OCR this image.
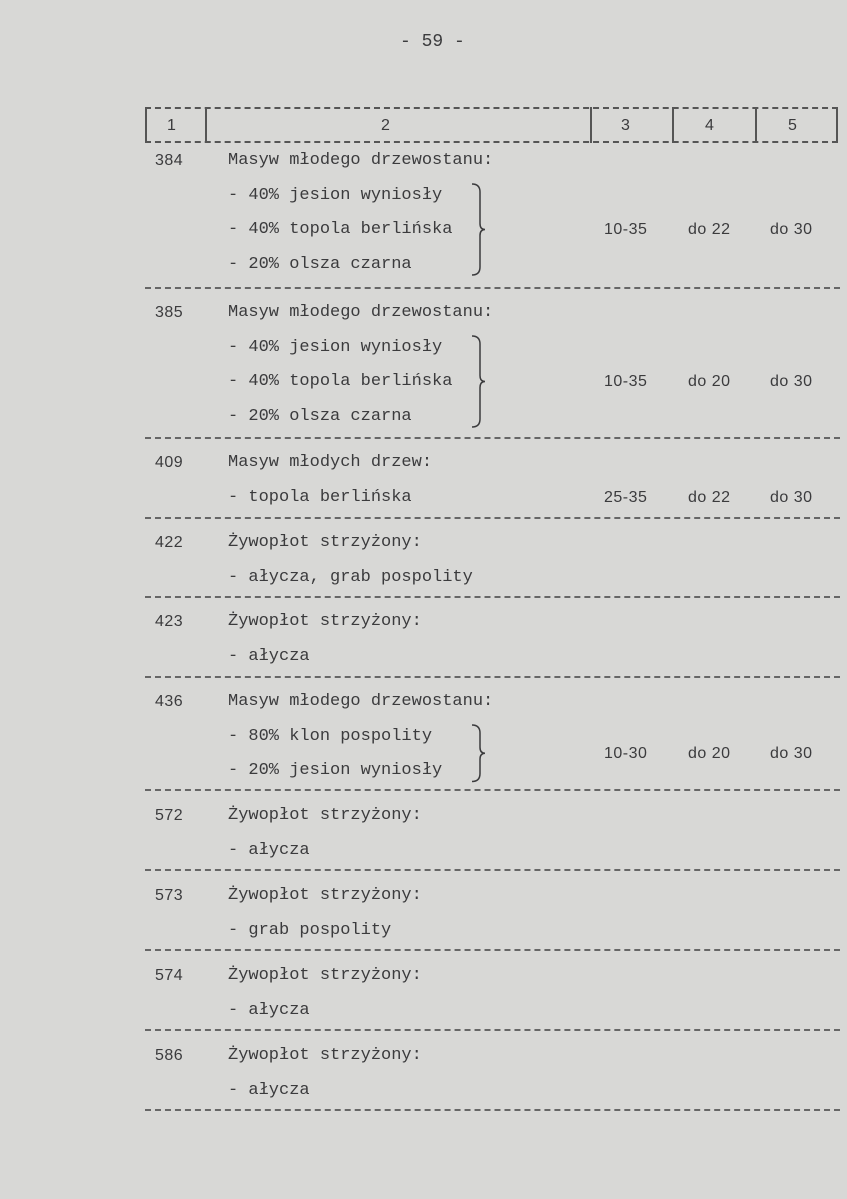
- 59 -
1	2	3	4	5
384	Masyw młodego drzewostanu:
- 40% jesion wyniosły
- 40% topola berlińska
- 20% olsza czarna
10-35	do 22 do 30
385	Masyw młodego drzewostanu:
- 40% jesion wyniosły
- 40% topola berlińska
- 20% olsza czarna
10-35	do 20 do 30
409	Masyw młodych drzew:
- topola berlińska	25-35	do 22 do 30
422	Żywopłot strzyżony:
- ałycza, grab pospolity
423	Żywopłot strzyżony:
- ałycza
436	Masyw młodego drzewostanu:
- 80% klon pospolity
- 20% jesion wyniosły
10-30	do 20 do 30
572	Żywopłot strzyżony:
- ałycza
573	Żywopłot strzyżony:
- grab pospolity
574	Żywopłot strzyżony:
- ałycza
586	Żywopłot strzyżony:
- ałycza
